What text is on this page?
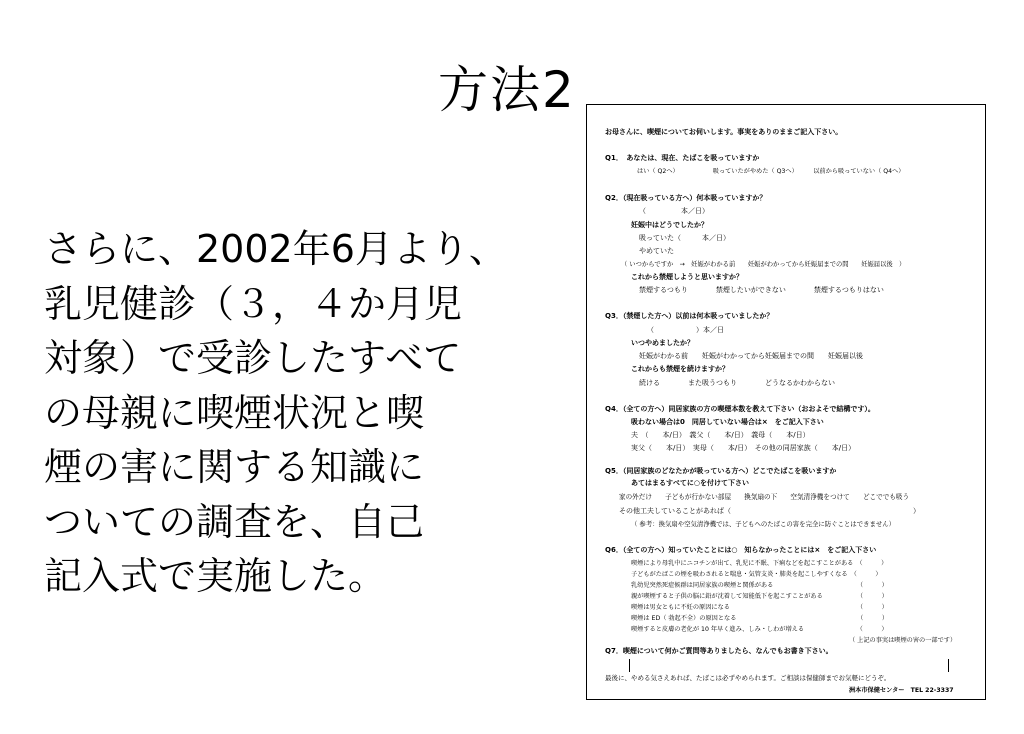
方法2
さらに、2002年6月より、
乳児健診（３，４か月児
対象）で受診したすべて
の母親に喫煙状況と喫
煙の害に関する知識に
ついての調査を、自己
記入式で実施した。
お母さんに、喫煙についてお伺いします。事実をありのままご記入下さい。
Q1．　あなたは、現在、たばこを吸っていますか
はい（ Q2へ）　　　　　　吸っていたがやめた（ Q3へ）　　　以前から吸っていない（ Q4へ）
Q2．（現在吸っている方へ）何本吸っていますか？
（　　　　　本／日）
妊娠中はどうでしたか？
吸っていた（　　　本／日）
やめていた
（ いつからですか　→　妊娠がわかる前　　妊娠がわかってから妊娠届までの間　　妊娠届以後　）
これから禁煙しようと思いますか？
禁煙するつもり　　　　禁煙したいができない　　　　禁煙するつもりはない
Q3．（禁煙した方へ）以前は何本吸っていましたか？
（　　　　　　）本／日
いつやめましたか？
妊娠がわかる前　　妊娠がわかってから妊娠届までの間　　妊娠届以後
これからも禁煙を続けますか？
続ける　　　　また吸うつもり　　　　どうなるかわからない
Q4．（全ての方へ）同居家族の方の喫煙本数を教えて下さい（おおよそで結構です）。
吸わない場合は0　同居していない場合は×　をご記入下さい
夫　（　　本/日）　義父（　　本/日）　義母（　　本/日）
実父（　　本/日）　実母（　　本/日）　その他の同居家族（　　本/日）
Q5．（同居家族のどなたかが吸っている方へ）どこでたばこを吸いますか
あてはまるすべてに○を付けて下さい
家の外だけ　　子どもが行かない部屋　　換気扇の下　　空気清浄機をつけて　　どこででも吸う
その他工夫していることがあれば（　　　　　　　　　　　　　　　　　　　　　　　　　　）
（ 参考：換気扇や空気清浄機では、子どもへのたばこの害を完全に防ぐことはできません）
Q6．（全ての方へ）知っていたことには○　知らなかったことには×　をご記入下さい
喫煙により母乳中にニコチンが出て、乳児に不眠、下痢などを起こすことがある　（　　　）
子どもがたばこの煙を吸わされると喘息・気管支炎・肺炎を起こしやすくなる　（　　　）
乳幼児突然死症候群は同居家族の喫煙と関係がある　　　　　　　　　　　　　　（　　　）
親が喫煙すると子供の脳に鉛が沈着して知能低下を起こすことがある　　　　　　（　　　）
喫煙は男女ともに不妊の原因になる　　　　　　　　　　　　　　　　　　　　　（　　　）
喫煙は ED（ 勃起不全）の原因となる　　　　　　　　　　　　　　　　　　　　（　　　）
喫煙すると皮膚の老化が 10 年早く進み、しみ・しわが増える　　　　　　　　　（　　　）
（ 上記の事実は喫煙の害の一部です）
Q7．喫煙について何かご質問等ありましたら、なんでもお書き下さい。
最後に、やめる気さえあれば、たばこは必ずやめられます。ご相談は保健師までお気軽にどうぞ。
洲本市保健センター　TEL 22-3337
